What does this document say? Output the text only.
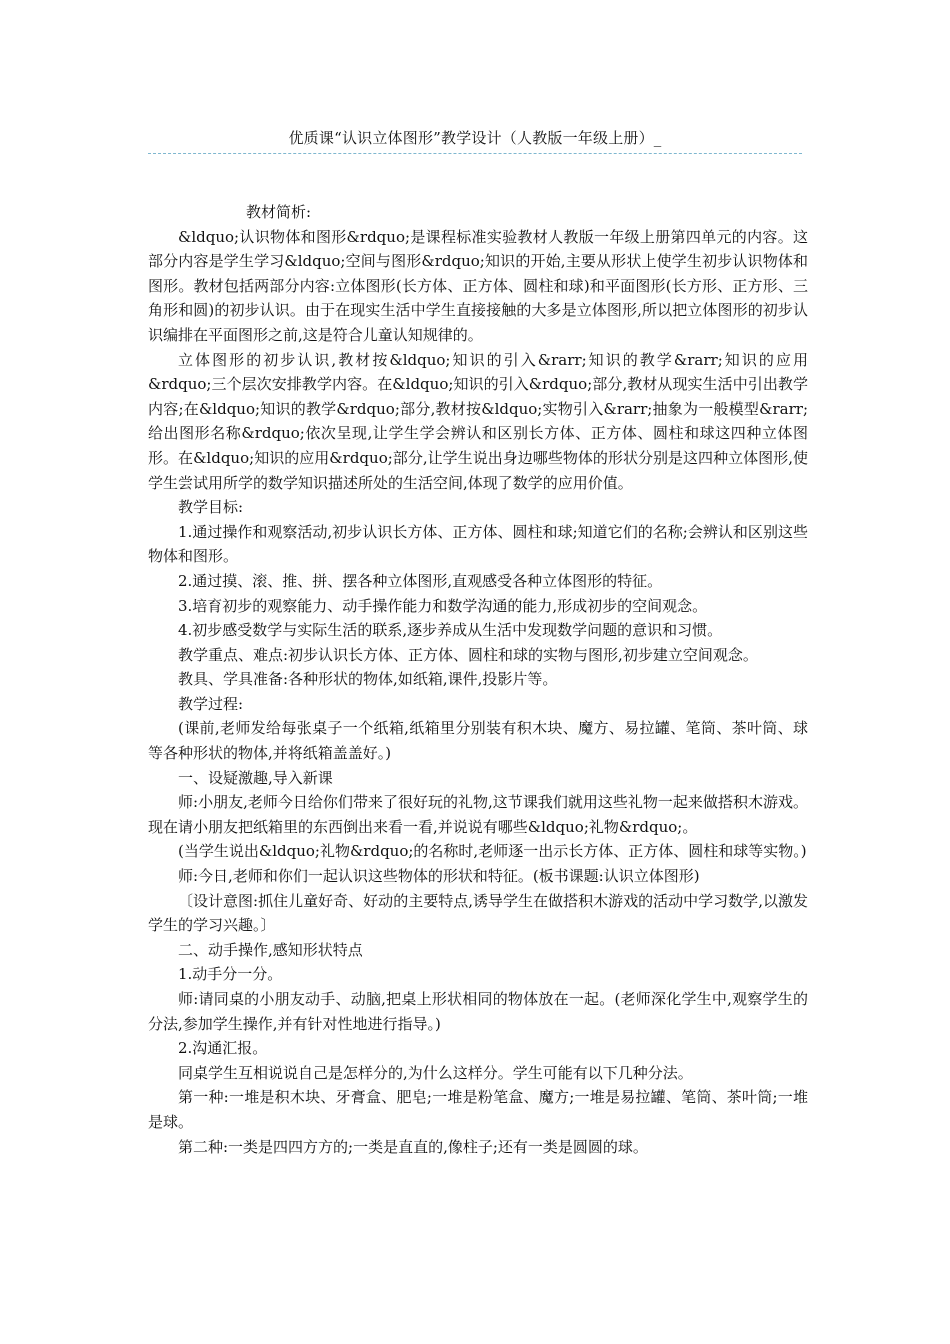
优质课“认识立体图形”教学设计（人教版一年级上册）_

教材简析:

&ldquo;认识物体和图形&rdquo;是课程标准实验教材人教版一年级上册第四单元的内容。这部分内容是学生学习&ldquo;空间与图形&rdquo;知识的开始,主要从形状上使学生初步认识物体和图形。教材包括两部分内容:立体图形(长方体、正方体、圆柱和球)和平面图形(长方形、正方形、三角形和圆)的初步认识。由于在现实生活中学生直接接触的大多是立体图形,所以把立体图形的初步认识编排在平面图形之前,这是符合儿童认知规律的。

立体图形的初步认识,教材按&ldquo;知识的引入&rarr;知识的教学&rarr;知识的应用&rdquo;三个层次安排教学内容。在&ldquo;知识的引入&rdquo;部分,教材从现实生活中引出教学内容;在&ldquo;知识的教学&rdquo;部分,教材按&ldquo;实物引入&rarr;抽象为一般模型&rarr;给出图形名称&rdquo;依次呈现,让学生学会辨认和区别长方体、正方体、圆柱和球这四种立体图形。在&ldquo;知识的应用&rdquo;部分,让学生说出身边哪些物体的形状分别是这四种立体图形,使学生尝试用所学的数学知识描述所处的生活空间,体现了数学的应用价值。

教学目标:

1.通过操作和观察活动,初步认识长方体、正方体、圆柱和球;知道它们的名称;会辨认和区别这些物体和图形。

2.通过摸、滚、推、拼、摆各种立体图形,直观感受各种立体图形的特征。

3.培育初步的观察能力、动手操作能力和数学沟通的能力,形成初步的空间观念。

4.初步感受数学与实际生活的联系,逐步养成从生活中发现数学问题的意识和习惯。

教学重点、难点:初步认识长方体、正方体、圆柱和球的实物与图形,初步建立空间观念。

教具、学具准备:各种形状的物体,如纸箱,课件,投影片等。

教学过程:

(课前,老师发给每张桌子一个纸箱,纸箱里分别装有积木块、魔方、易拉罐、笔筒、茶叶筒、球等各种形状的物体,并将纸箱盖盖好。)

一、设疑激趣,导入新课

师:小朋友,老师今日给你们带来了很好玩的礼物,这节课我们就用这些礼物一起来做搭积木游戏。现在请小朋友把纸箱里的东西倒出来看一看,并说说有哪些&ldquo;礼物&rdquo;。

(当学生说出&ldquo;礼物&rdquo;的名称时,老师逐一出示长方体、正方体、圆柱和球等实物。)

师:今日,老师和你们一起认识这些物体的形状和特征。(板书课题:认识立体图形)

〔设计意图:抓住儿童好奇、好动的主要特点,诱导学生在做搭积木游戏的活动中学习数学,以激发学生的学习兴趣。〕

二、动手操作,感知形状特点

1.动手分一分。

师:请同桌的小朋友动手、动脑,把桌上形状相同的物体放在一起。(老师深化学生中,观察学生的分法,参加学生操作,并有针对性地进行指导。)

2.沟通汇报。

同桌学生互相说说自己是怎样分的,为什么这样分。学生可能有以下几种分法。

第一种:一堆是积木块、牙膏盒、肥皂;一堆是粉笔盒、魔方;一堆是易拉罐、笔筒、茶叶筒;一堆是球。

第二种:一类是四四方方的;一类是直直的,像柱子;还有一类是圆圆的球。
